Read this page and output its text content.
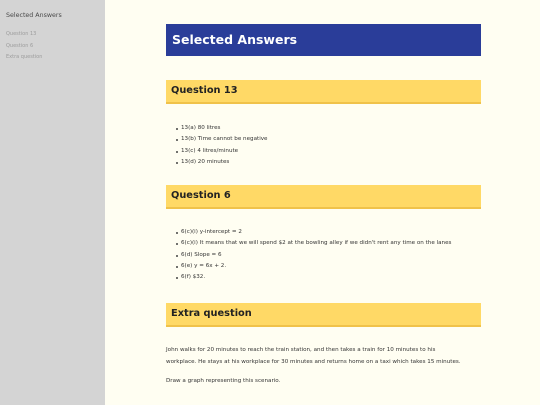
Selected Answers
Question 13
Question 6
Extra question
Selected Answers
Question 13
13(a) 80 litres
13(b) Time cannot be negative
13(c) 4 litres/minute
13(d) 20 minutes
Question 6
6(c)(i) y-intercept = 2
6(c)(i) It means that we will spend $2 at the bowling alley if we didn't rent any time on the lanes
6(d) Slope = 6
6(e) y = 6x + 2.
6(f) $32.
Extra question
John walks for 20 minutes to reach the train station, and then takes a train for 10 minutes to his
workplace. He stays at his workplace for 30 minutes and returns home on a taxi which takes 15 minutes.
Draw a graph representing this scenario.
